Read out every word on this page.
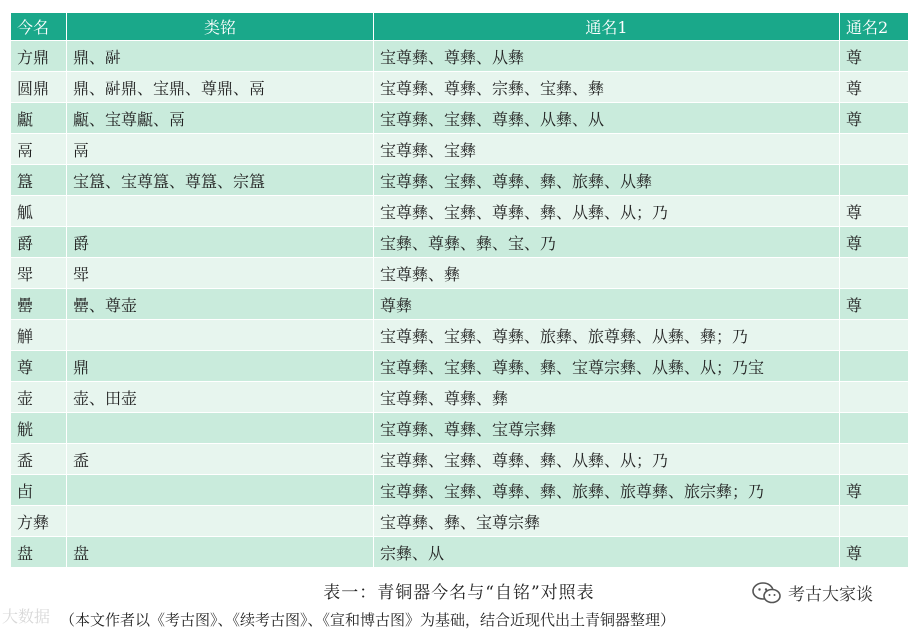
今名	类铭	通名1	通名2
方鼎	鼎、𩰫	宝尊彝、尊彝、从彝	尊
圆鼎	鼎、𩰫鼎、宝鼎、尊鼎、鬲	宝尊彝、尊彝、宗彝、宝彝、彝	尊
甗	甗、宝尊甗、鬲	宝尊彝、宝彝、尊彝、从彝、从	尊
鬲	鬲	宝尊彝、宝彝	
簋	宝簋、宝尊簋、尊簋、宗簋	宝尊彝、宝彝、尊彝、彝、旅彝、从彝	
觚		宝尊彝、宝彝、尊彝、彝、从彝、从；乃	尊
爵	爵	宝彝、尊彝、彝、宝、乃	尊
斝	斝	宝尊彝、彝	
罍	罍、尊壶	尊彝	尊
觯		宝尊彝、宝彝、尊彝、旅彝、旅尊彝、从彝、彝；乃	
尊	鼎	宝尊彝、宝彝、尊彝、彝、宝尊宗彝、从彝、从；乃宝	
壶	壶、田壶	宝尊彝、尊彝、彝	
觥		宝尊彝、尊彝、宝尊宗彝	
盉	盉	宝尊彝、宝彝、尊彝、彝、从彝、从；乃	
卣		宝尊彝、宝彝、尊彝、彝、旅彝、旅尊彝、旅宗彝；乃	尊
方彝		宝尊彝、彝、宝尊宗彝	
盘	盘	宗彝、从	尊
表一：青铜器今名与“自铭”对照表
（本文作者以《考古图》、《续考古图》、《宣和博古图》为基础，结合近现代出土青铜器整理）
大数据
考古大家谈
